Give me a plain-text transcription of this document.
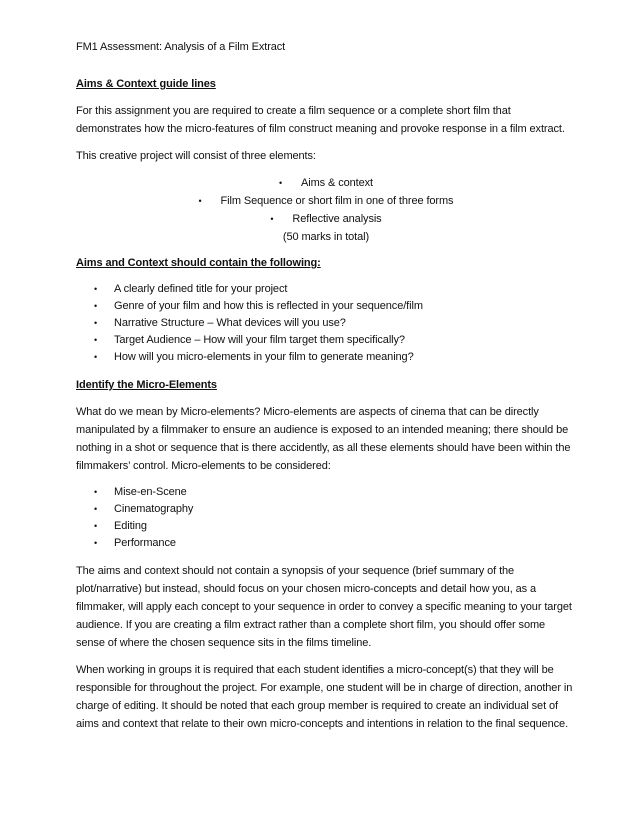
FM1 Assessment: Analysis of a Film Extract

Aims & Context guide lines

For this assignment you are required to create a film sequence or a complete short film that demonstrates how the micro-features of film construct meaning and provoke response in a film extract.

This creative project will consist of three elements:

• Aims & context
• Film Sequence or short film in one of three forms
• Reflective analysis
(50 marks in total)

Aims and Context should contain the following:

• A clearly defined title for your project
• Genre of your film and how this is reflected in your sequence/film
• Narrative Structure – What devices will you use?
• Target Audience – How will your film target them specifically?
• How will you micro-elements in your film to generate meaning?

Identify the Micro-Elements

What do we mean by Micro-elements? Micro-elements are aspects of cinema that can be directly manipulated by a filmmaker to ensure an audience is exposed to an intended meaning; there should be nothing in a shot or sequence that is there accidently, as all these elements should have been within the filmmakers’ control. Micro-elements to be considered:

• Mise-en-Scene
• Cinematography
• Editing
• Performance

The aims and context should not contain a synopsis of your sequence (brief summary of the plot/narrative) but instead, should focus on your chosen micro-concepts and detail how you, as a filmmaker, will apply each concept to your sequence in order to convey a specific meaning to your target audience. If you are creating a film extract rather than a complete short film, you should offer some sense of where the chosen sequence sits in the films timeline.

When working in groups it is required that each student identifies a micro-concept(s) that they will be responsible for throughout the project. For example, one student will be in charge of direction, another in charge of editing. It should be noted that each group member is required to create an individual set of aims and context that relate to their own micro-concepts and intentions in relation to the final sequence.
